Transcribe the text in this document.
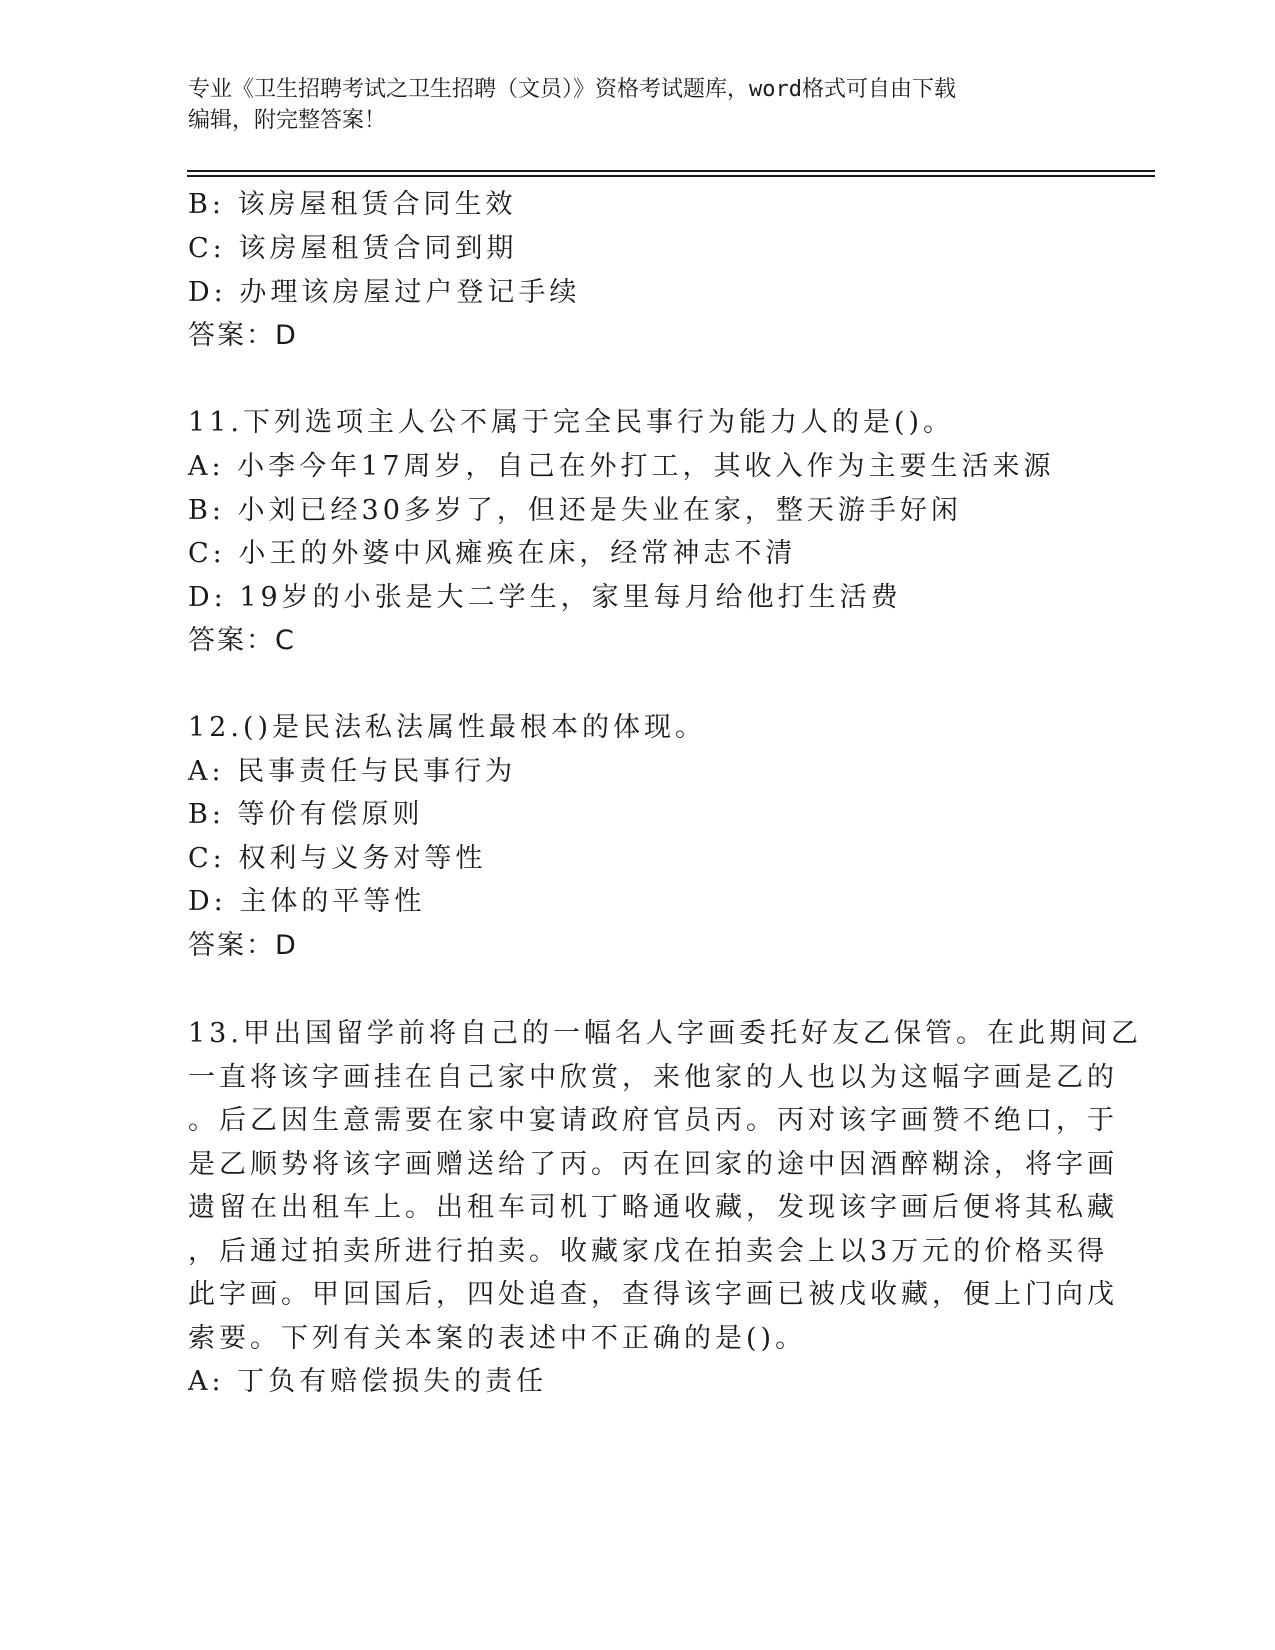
专业《卫生招聘考试之卫生招聘（文员）》资格考试题库，word格式可自由下载
编辑，附完整答案！
B: 该房屋租赁合同生效
C: 该房屋租赁合同到期
D: 办理该房屋过户登记手续
答案：D
11.下列选项主人公不属于完全民事行为能力人的是()。
A: 小李今年17周岁，自己在外打工，其收入作为主要生活来源
B: 小刘已经30多岁了，但还是失业在家，整天游手好闲
C: 小王的外婆中风瘫痪在床，经常神志不清
D: 19岁的小张是大二学生，家里每月给他打生活费
答案：C
12.()是民法私法属性最根本的体现。
A: 民事责任与民事行为
B: 等价有偿原则
C: 权利与义务对等性
D: 主体的平等性
答案：D
13.甲出国留学前将自己的一幅名人字画委托好友乙保管。在此期间乙
一直将该字画挂在自己家中欣赏，来他家的人也以为这幅字画是乙的
。后乙因生意需要在家中宴请政府官员丙。丙对该字画赞不绝口，于
是乙顺势将该字画赠送给了丙。丙在回家的途中因酒醉糊涂，将字画
遗留在出租车上。出租车司机丁略通收藏，发现该字画后便将其私藏
，后通过拍卖所进行拍卖。收藏家戊在拍卖会上以3万元的价格买得
此字画。甲回国后，四处追查，查得该字画已被戊收藏，便上门向戊
索要。下列有关本案的表述中不正确的是()。
A: 丁负有赔偿损失的责任
